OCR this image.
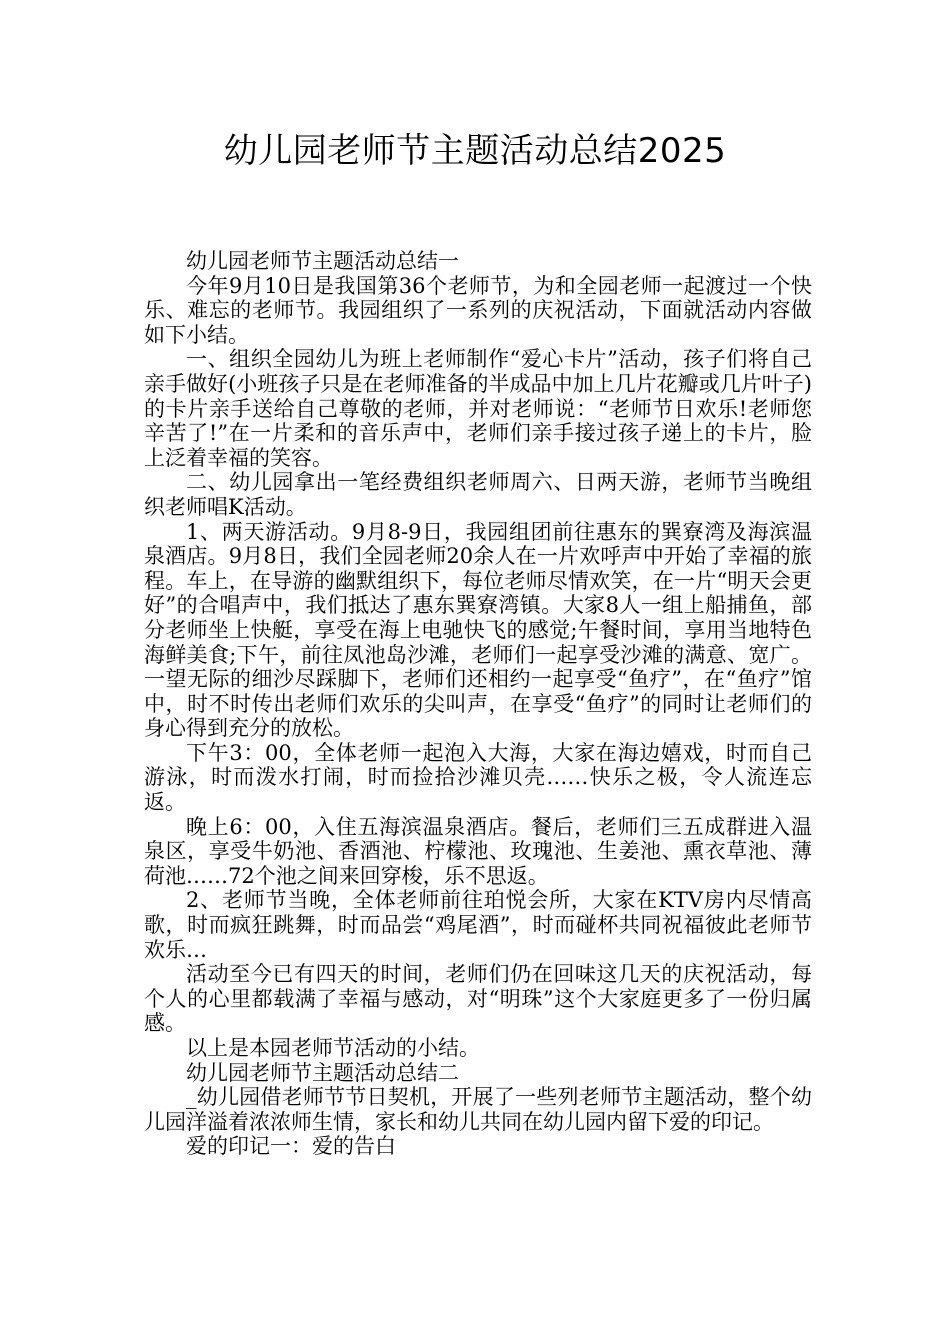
幼儿园老师节主题活动总结2025

幼儿园老师节主题活动总结一

今年9月10日是我国第36个老师节，为和全园老师一起渡过一个快乐、难忘的老师节。我园组织了一系列的庆祝活动，下面就活动内容做如下小结。

一、组织全园幼儿为班上老师制作“爱心卡片”活动，孩子们将自己亲手做好(小班孩子只是在老师准备的半成品中加上几片花瓣或几片叶子)的卡片亲手送给自己尊敬的老师，并对老师说：“老师节日欢乐!老师您辛苦了!”在一片柔和的音乐声中，老师们亲手接过孩子递上的卡片，脸上泛着幸福的笑容。

二、幼儿园拿出一笔经费组织老师周六、日两天游，老师节当晚组织老师唱K活动。

1、两天游活动。9月8-9日，我园组团前往惠东的巽寮湾及海滨温泉酒店。9月8日，我们全园老师20余人在一片欢呼声中开始了幸福的旅程。车上，在导游的幽默组织下，每位老师尽情欢笑，在一片“明天会更好”的合唱声中，我们抵达了惠东巽寮湾镇。大家8人一组上船捕鱼，部分老师坐上快艇，享受在海上电驰快飞的感觉;午餐时间，享用当地特色海鲜美食;下午，前往凤池岛沙滩，老师们一起享受沙滩的满意、宽广。一望无际的细沙尽踩脚下，老师们还相约一起享受“鱼疗”，在“鱼疗”馆中，时不时传出老师们欢乐的尖叫声，在享受“鱼疗”的同时让老师们的身心得到充分的放松。

下午3：00，全体老师一起泡入大海，大家在海边嬉戏，时而自己游泳，时而泼水打闹，时而捡拾沙滩贝壳……快乐之极，令人流连忘返。

晚上6：00，入住五海滨温泉酒店。餐后，老师们三五成群进入温泉区，享受牛奶池、香酒池、柠檬池、玫瑰池、生姜池、熏衣草池、薄荷池……72个池之间来回穿梭，乐不思返。

2、老师节当晚，全体老师前往珀悦会所，大家在KTV房内尽情高歌，时而疯狂跳舞，时而品尝“鸡尾酒”，时而碰杯共同祝福彼此老师节欢乐…

活动至今已有四天的时间，老师们仍在回味这几天的庆祝活动，每个人的心里都载满了幸福与感动，对“明珠”这个大家庭更多了一份归属感。

以上是本园老师节活动的小结。

幼儿园老师节主题活动总结二

_幼儿园借老师节节日契机，开展了一些列老师节主题活动，整个幼儿园洋溢着浓浓师生情，家长和幼儿共同在幼儿园内留下爱的印记。

爱的印记一：爱的告白
